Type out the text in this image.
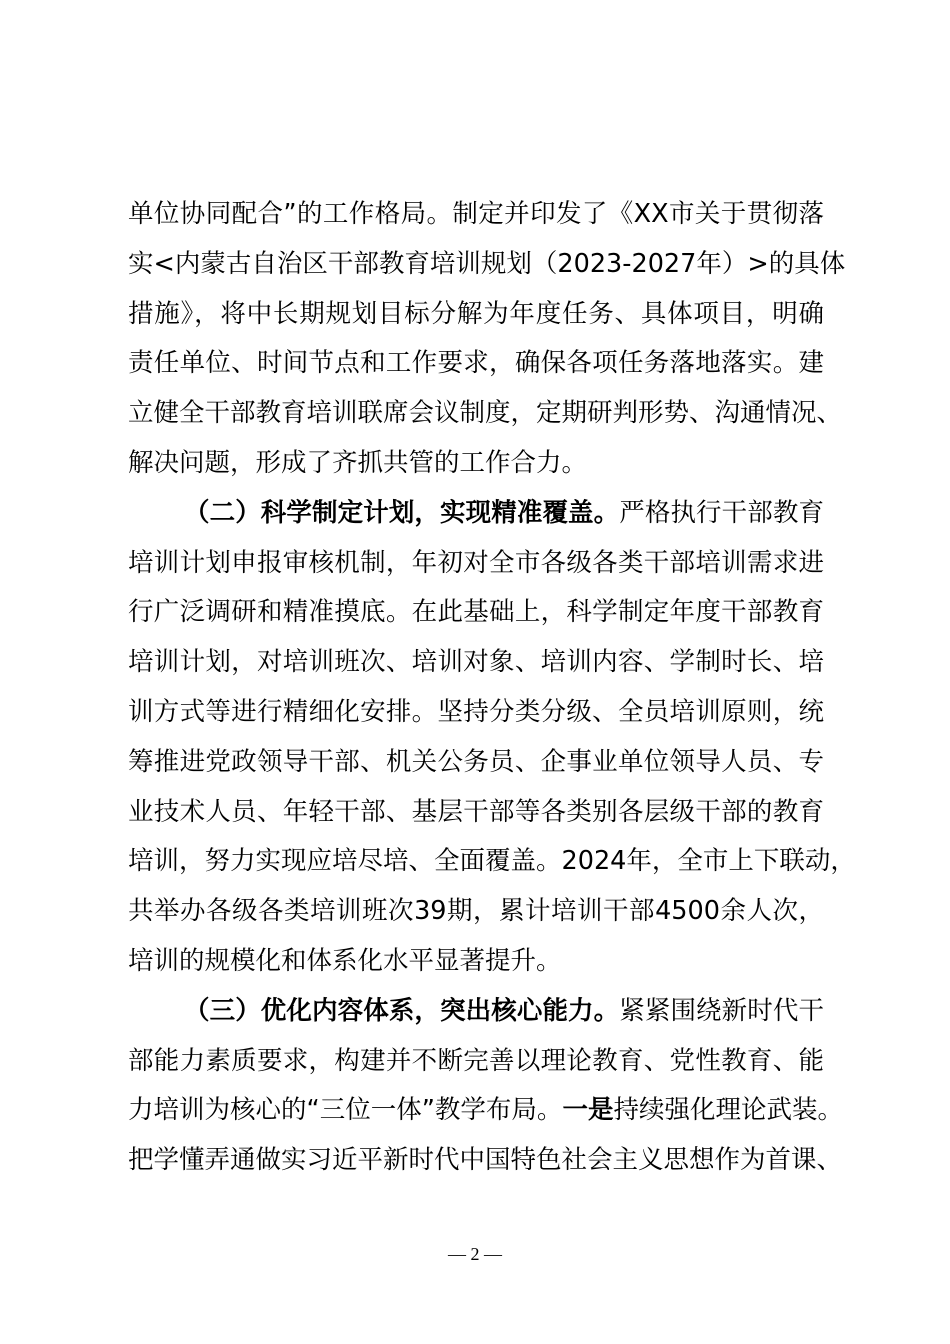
单位协同配合”的工作格局。制定并印发了《XX市关于贯彻落
实<内蒙古自治区干部教育培训规划（2023-2027年）>的具体
措施》，将中长期规划目标分解为年度任务、具体项目，明确
责任单位、时间节点和工作要求，确保各项任务落地落实。建
立健全干部教育培训联席会议制度，定期研判形势、沟通情况、
解决问题，形成了齐抓共管的工作合力。
（二）科学制定计划，实现精准覆盖。严格执行干部教育
培训计划申报审核机制，年初对全市各级各类干部培训需求进
行广泛调研和精准摸底。在此基础上，科学制定年度干部教育
培训计划，对培训班次、培训对象、培训内容、学制时长、培
训方式等进行精细化安排。坚持分类分级、全员培训原则，统
筹推进党政领导干部、机关公务员、企事业单位领导人员、专
业技术人员、年轻干部、基层干部等各类别各层级干部的教育
培训，努力实现应培尽培、全面覆盖。2024年，全市上下联动，
共举办各级各类培训班次39期，累计培训干部4500余人次，
培训的规模化和体系化水平显著提升。
（三）优化内容体系，突出核心能力。紧紧围绕新时代干
部能力素质要求，构建并不断完善以理论教育、党性教育、能
力培训为核心的“三位一体”教学布局。一是持续强化理论武装。
把学懂弄通做实习近平新时代中国特色社会主义思想作为首课、
— 2 —
